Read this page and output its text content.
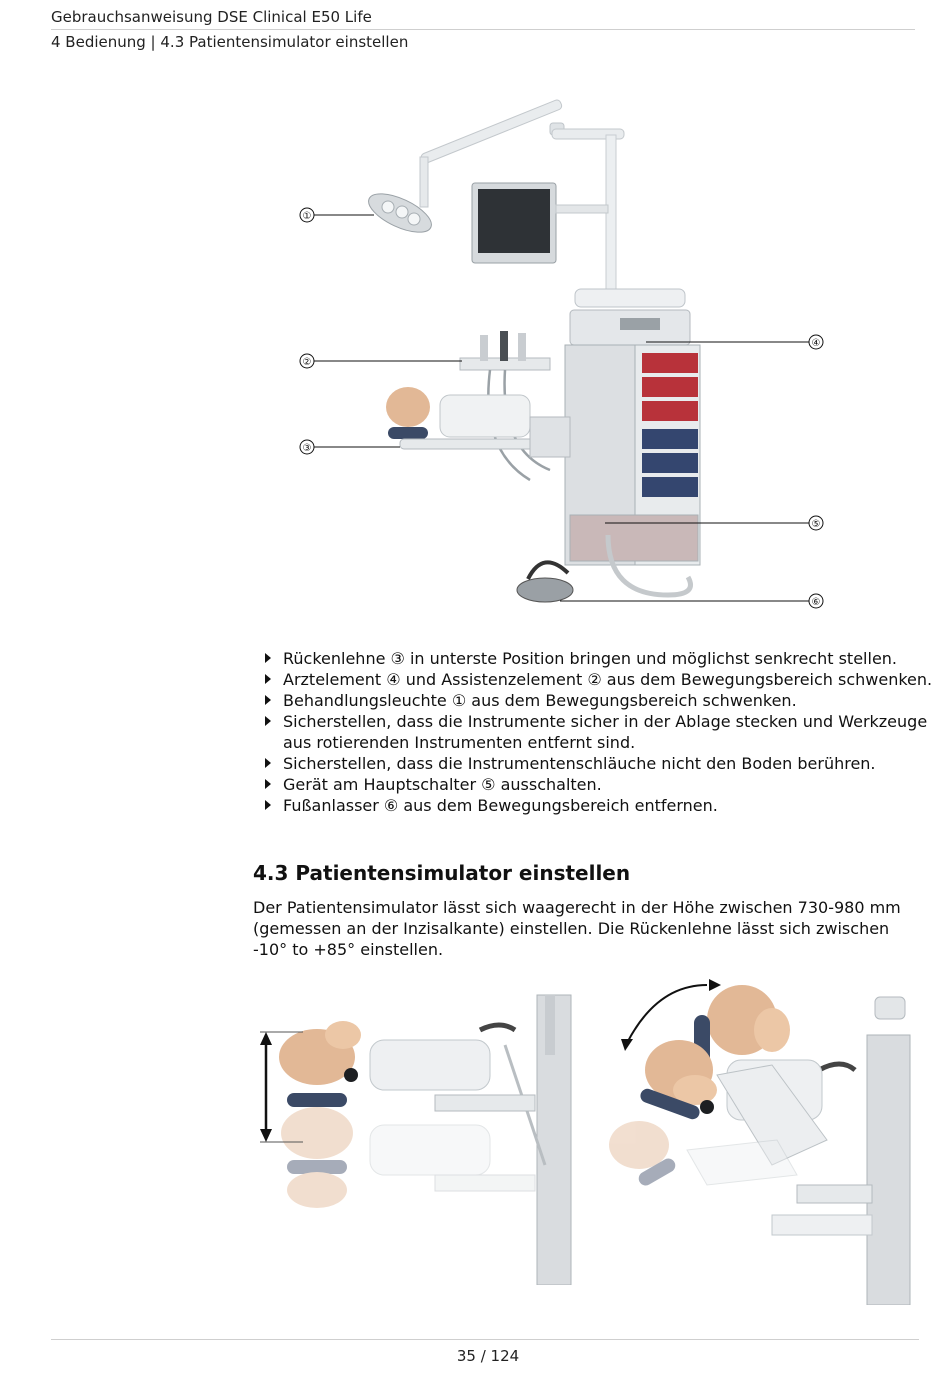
Gebrauchsanweisung DSE Clinical E50 Life
4 Bedienung | 4.3 Patientensimulator einstellen
①
②
③
④
⑤
⑥
Rückenlehne ③ in unterste Position bringen und möglichst senkrecht stellen.
Arztelement ④ und Assistenzelement ② aus dem Bewegungsbereich schwenken.
Behandlungsleuchte ① aus dem Bewegungsbereich schwenken.
Sicherstellen, dass die Instrumente sicher in der Ablage stecken und Werkzeuge aus rotierenden Instrumenten entfernt sind.
Sicherstellen, dass die Instrumentenschläuche nicht den Boden berühren.
Gerät am Hauptschalter ⑤ ausschalten.
Fußanlasser ⑥ aus dem Bewegungsbereich entfernen.
4.3 Patientensimulator einstellen

Der Patientensimulator lässt sich waagerecht in der Höhe zwischen 730-980 mm (gemessen an der Inzisalkante) einstellen. Die Rückenlehne lässt sich zwischen -10° to +85° einstellen.

35 / 124
